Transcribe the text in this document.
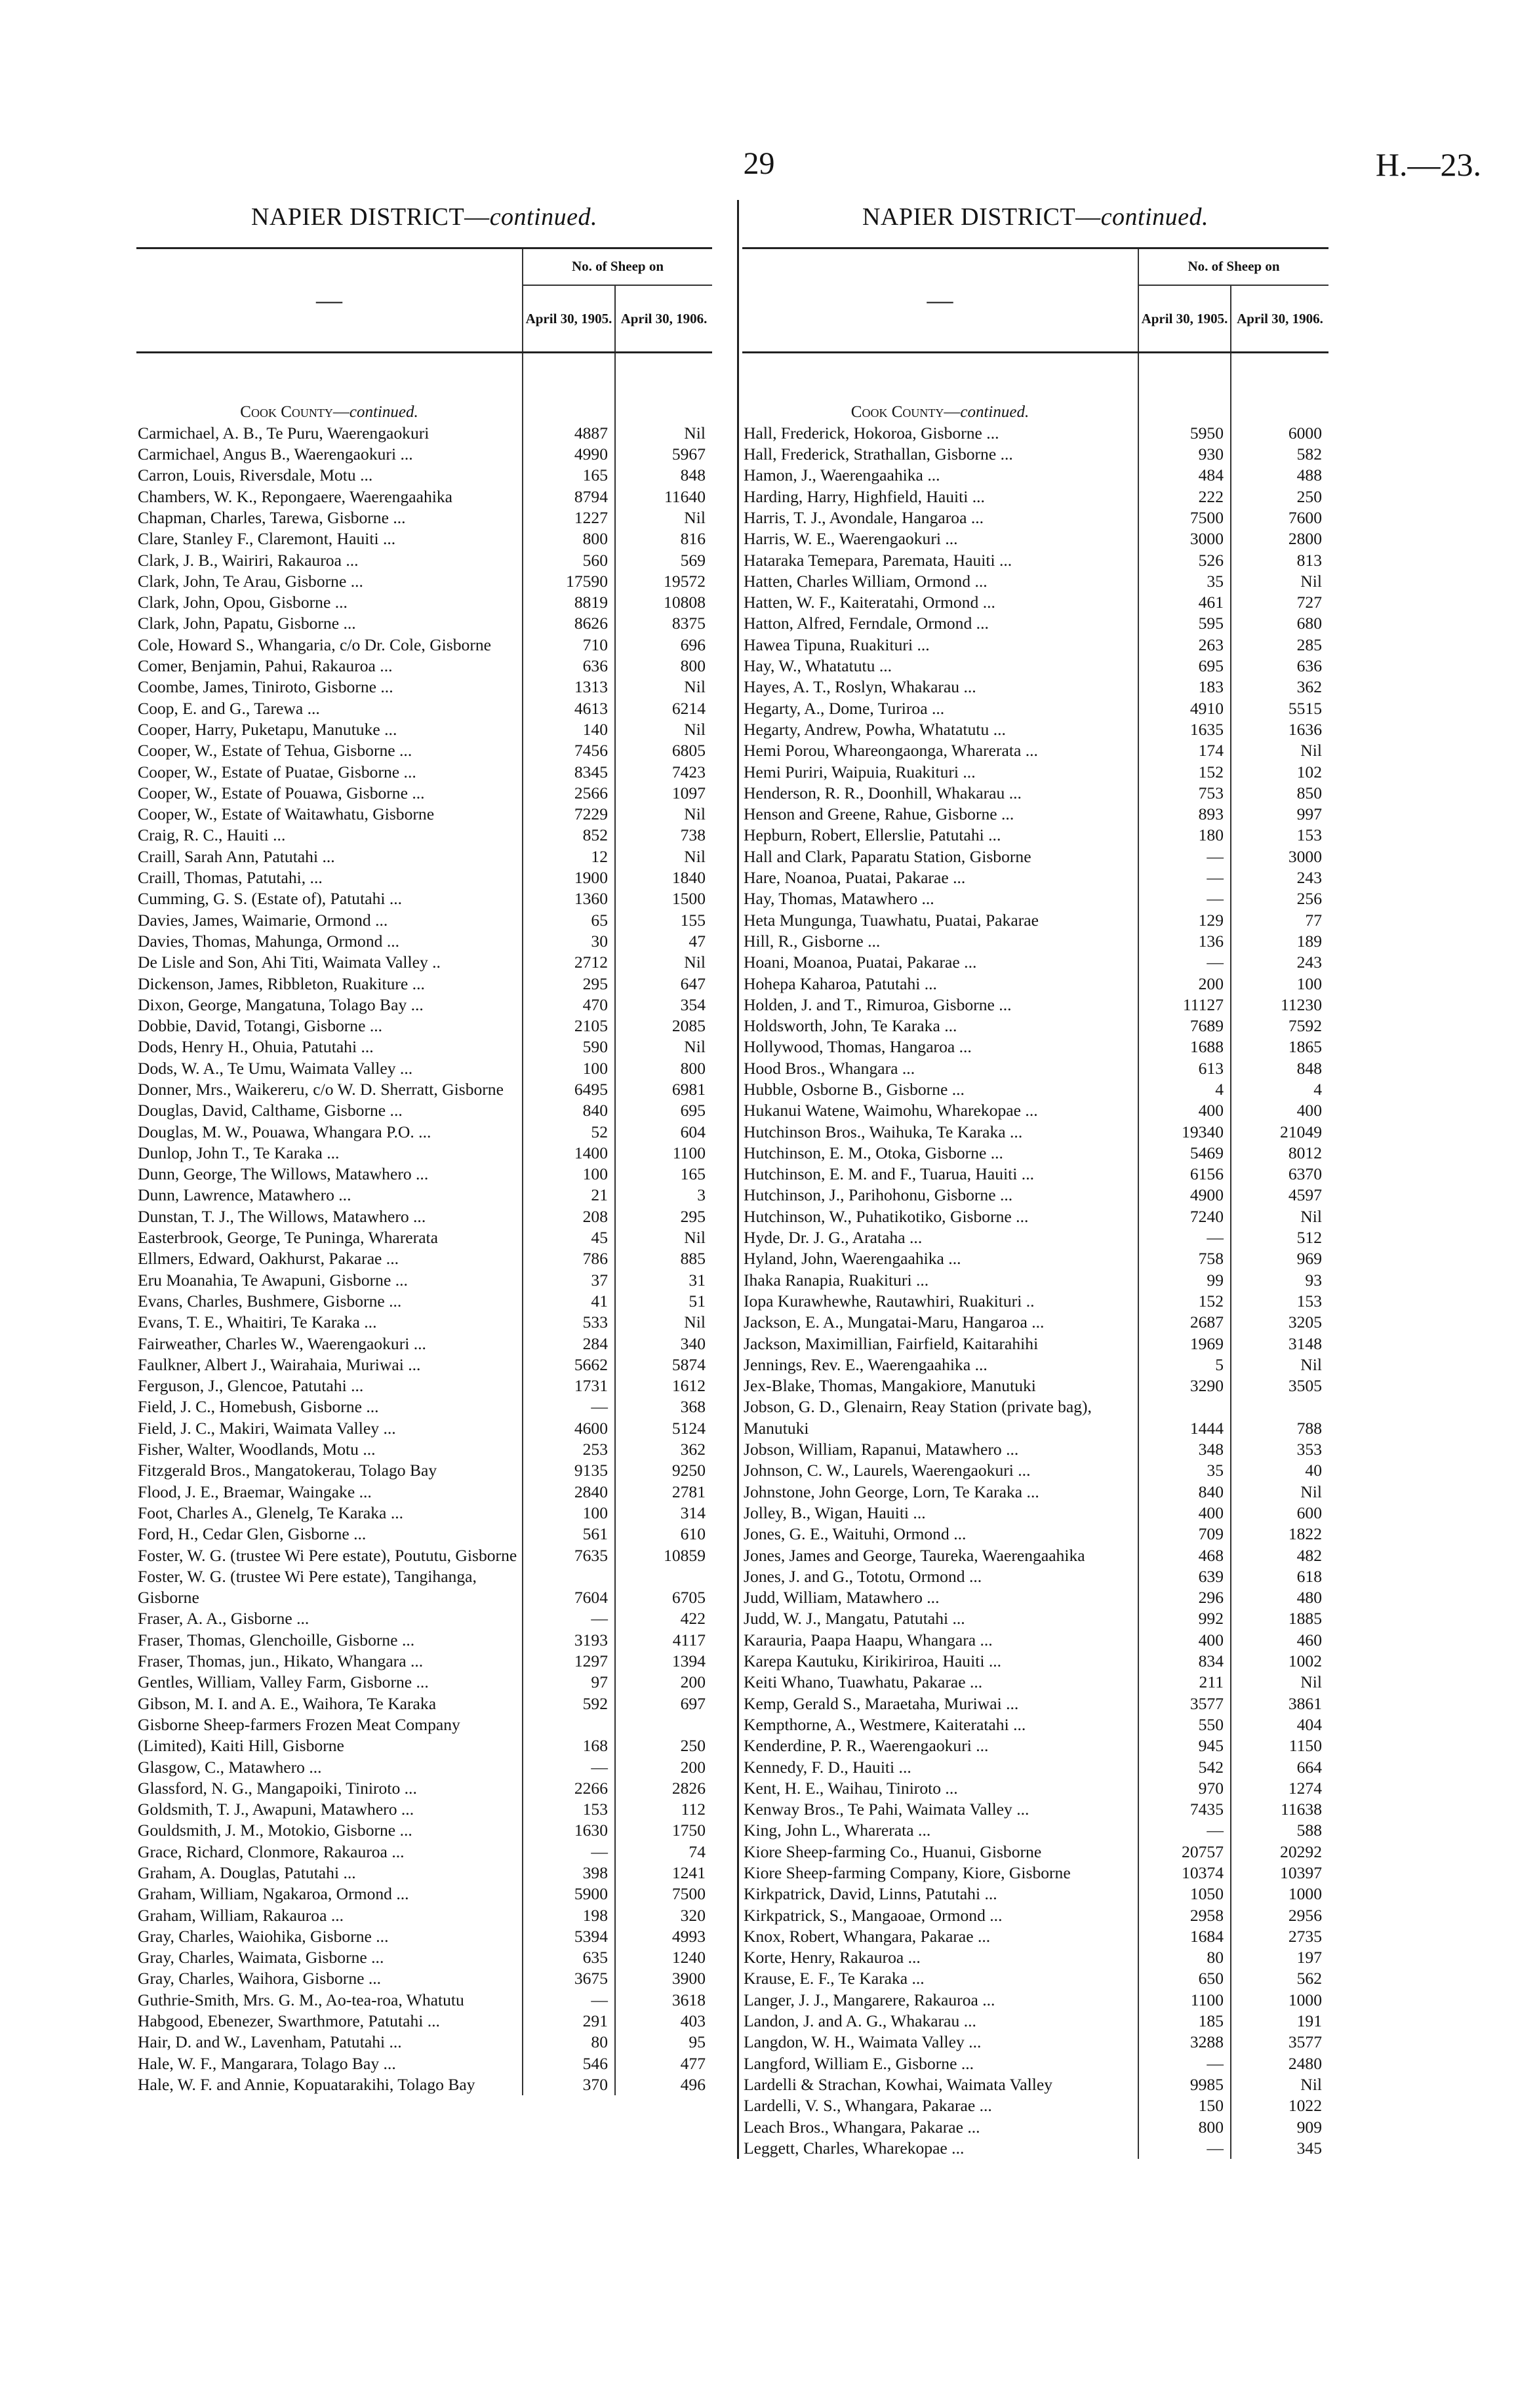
29	H.—23.
NAPIER DISTRICT—continued.
—	No. of Sheep on	
	April 30, 1905.	April 30, 1906.
Cook County—continued.		
Carmichael, A. B., Te Puru, Waerengaokuri	4887	Nil
Carmichael, Angus B., Waerengaokuri ...	4990	5967
Carron, Louis, Riversdale, Motu ...	165	848
Chambers, W. K., Repongaere, Waerengaahika	8794	11640
Chapman, Charles, Tarewa, Gisborne ...	1227	Nil
Clare, Stanley F., Claremont, Hauiti ...	800	816
Clark, J. B., Wairiri, Rakauroa ...	560	569
Clark, John, Te Arau, Gisborne ...	17590	19572
Clark, John, Opou, Gisborne ...	8819	10808
Clark, John, Papatu, Gisborne ...	8626	8375
Cole, Howard S., Whangaria, c/o Dr. Cole, Gisborne	710	696
Comer, Benjamin, Pahui, Rakauroa ...	636	800
Coombe, James, Tiniroto, Gisborne ...	1313	Nil
Coop, E. and G., Tarewa ...	4613	6214
Cooper, Harry, Puketapu, Manutuke ...	140	Nil
Cooper, W., Estate of Tehua, Gisborne ...	7456	6805
Cooper, W., Estate of Puatae, Gisborne ...	8345	7423
Cooper, W., Estate of Pouawa, Gisborne ...	2566	1097
Cooper, W., Estate of Waitawhatu, Gisborne	7229	Nil
Craig, R. C., Hauiti ...	852	738
Craill, Sarah Ann, Patutahi ...	12	Nil
Craill, Thomas, Patutahi, ...	1900	1840
Cumming, G. S. (Estate of), Patutahi ...	1360	1500
Davies, James, Waimarie, Ormond ...	65	155
Davies, Thomas, Mahunga, Ormond ...	30	47
De Lisle and Son, Ahi Titi, Waimata Valley ..	2712	Nil
Dickenson, James, Ribbleton, Ruakiture ...	295	647
Dixon, George, Mangatuna, Tolago Bay ...	470	354
Dobbie, David, Totangi, Gisborne ...	2105	2085
Dods, Henry H., Ohuia, Patutahi ...	590	Nil
Dods, W. A., Te Umu, Waimata Valley ...	100	800
Donner, Mrs., Waikereru, c/o W. D. Sherratt, Gisborne	6495	6981
Douglas, David, Calthame, Gisborne ...	840	695
Douglas, M. W., Pouawa, Whangara P.O. ...	52	604
Dunlop, John T., Te Karaka ...	1400	1100
Dunn, George, The Willows, Matawhero ...	100	165
Dunn, Lawrence, Matawhero ...	21	3
Dunstan, T. J., The Willows, Matawhero ...	208	295
Easterbrook, George, Te Puninga, Wharerata	45	Nil
Ellmers, Edward, Oakhurst, Pakarae ...	786	885
Eru Moanahia, Te Awapuni, Gisborne ...	37	31
Evans, Charles, Bushmere, Gisborne ...	41	51
Evans, T. E., Whaitiri, Te Karaka ...	533	Nil
Fairweather, Charles W., Waerengaokuri ...	284	340
Faulkner, Albert J., Wairahaia, Muriwai ...	5662	5874
Ferguson, J., Glencoe, Patutahi ...	1731	1612
Field, J. C., Homebush, Gisborne ...	—	368
Field, J. C., Makiri, Waimata Valley ...	4600	5124
Fisher, Walter, Woodlands, Motu ...	253	362
Fitzgerald Bros., Mangatokerau, Tolago Bay	9135	9250
Flood, J. E., Braemar, Waingake ...	2840	2781
Foot, Charles A., Glenelg, Te Karaka ...	100	314
Ford, H., Cedar Glen, Gisborne ...	561	610
Foster, W. G. (trustee Wi Pere estate), Poututu, Gisborne	7635	10859
Foster, W. G. (trustee Wi Pere estate), Tangihanga, Gisborne	7604	6705
Fraser, A. A., Gisborne ...	—	422
Fraser, Thomas, Glenchoille, Gisborne ...	3193	4117
Fraser, Thomas, jun., Hikato, Whangara ...	1297	1394
Gentles, William, Valley Farm, Gisborne ...	97	200
Gibson, M. I. and A. E., Waihora, Te Karaka	592	697
Gisborne Sheep-farmers Frozen Meat Company (Limited), Kaiti Hill, Gisborne	168	250
Glasgow, C., Matawhero ...	—	200
Glassford, N. G., Mangapoiki, Tiniroto ...	2266	2826
Goldsmith, T. J., Awapuni, Matawhero ...	153	112
Gouldsmith, J. M., Motokio, Gisborne ...	1630	1750
Grace, Richard, Clonmore, Rakauroa ...	—	74
Graham, A. Douglas, Patutahi ...	398	1241
Graham, William, Ngakaroa, Ormond ...	5900	7500
Graham, William, Rakauroa ...	198	320
Gray, Charles, Waiohika, Gisborne ...	5394	4993
Gray, Charles, Waimata, Gisborne ...	635	1240
Gray, Charles, Waihora, Gisborne ...	3675	3900
Guthrie-Smith, Mrs. G. M., Ao-tea-roa, Whatutu	—	3618
Habgood, Ebenezer, Swarthmore, Patutahi ...	291	403
Hair, D. and W., Lavenham, Patutahi ...	80	95
Hale, W. F., Mangarara, Tolago Bay ...	546	477
Hale, W. F. and Annie, Kopuatarakihi, Tolago Bay	370	496
NAPIER DISTRICT—continued.
—	No. of Sheep on	
	April 30, 1905.	April 30, 1906.
Cook County—continued.		
Hall, Frederick, Hokoroa, Gisborne ...	5950	6000
Hall, Frederick, Strathallan, Gisborne ...	930	582
Hamon, J., Waerengaahika ...	484	488
Harding, Harry, Highfield, Hauiti ...	222	250
Harris, T. J., Avondale, Hangaroa ...	7500	7600
Harris, W. E., Waerengaokuri ...	3000	2800
Hataraka Temepara, Paremata, Hauiti ...	526	813
Hatten, Charles William, Ormond ...	35	Nil
Hatten, W. F., Kaiteratahi, Ormond ...	461	727
Hatton, Alfred, Ferndale, Ormond ...	595	680
Hawea Tipuna, Ruakituri ...	263	285
Hay, W., Whatatutu ...	695	636
Hayes, A. T., Roslyn, Whakarau ...	183	362
Hegarty, A., Dome, Turiroa ...	4910	5515
Hegarty, Andrew, Powha, Whatatutu ...	1635	1636
Hemi Porou, Whareongaonga, Wharerata ...	174	Nil
Hemi Puriri, Waipuia, Ruakituri ...	152	102
Henderson, R. R., Doonhill, Whakarau ...	753	850
Henson and Greene, Rahue, Gisborne ...	893	997
Hepburn, Robert, Ellerslie, Patutahi ...	180	153
Hall and Clark, Paparatu Station, Gisborne	—	3000
Hare, Noanoa, Puatai, Pakarae ...	—	243
Hay, Thomas, Matawhero ...	—	256
Heta Mungunga, Tuawhatu, Puatai, Pakarae	129	77
Hill, R., Gisborne ...	136	189
Hoani, Moanoa, Puatai, Pakarae ...	—	243
Hohepa Kaharoa, Patutahi ...	200	100
Holden, J. and T., Rimuroa, Gisborne ...	11127	11230
Holdsworth, John, Te Karaka ...	7689	7592
Hollywood, Thomas, Hangaroa ...	1688	1865
Hood Bros., Whangara ...	613	848
Hubble, Osborne B., Gisborne ...	4	4
Hukanui Watene, Waimohu, Wharekopae ...	400	400
Hutchinson Bros., Waihuka, Te Karaka ...	19340	21049
Hutchinson, E. M., Otoka, Gisborne ...	5469	8012
Hutchinson, E. M. and F., Tuarua, Hauiti ...	6156	6370
Hutchinson, J., Parihohonu, Gisborne ...	4900	4597
Hutchinson, W., Puhatikotiko, Gisborne ...	7240	Nil
Hyde, Dr. J. G., Arataha ...	—	512
Hyland, John, Waerengaahika ...	758	969
Ihaka Ranapia, Ruakituri ...	99	93
Iopa Kurawhewhe, Rautawhiri, Ruakituri ..	152	153
Jackson, E. A., Mungatai-Maru, Hangaroa ...	2687	3205
Jackson, Maximillian, Fairfield, Kaitarahihi	1969	3148
Jennings, Rev. E., Waerengaahika ...	5	Nil
Jex-Blake, Thomas, Mangakiore, Manutuki	3290	3505
Jobson, G. D., Glenairn, Reay Station (private bag), Manutuki	1444	788
Jobson, William, Rapanui, Matawhero ...	348	353
Johnson, C. W., Laurels, Waerengaokuri ...	35	40
Johnstone, John George, Lorn, Te Karaka ...	840	Nil
Jolley, B., Wigan, Hauiti ...	400	600
Jones, G. E., Waituhi, Ormond ...	709	1822
Jones, James and George, Taureka, Waerengaahika	468	482
Jones, J. and G., Tototu, Ormond ...	639	618
Judd, William, Matawhero ...	296	480
Judd, W. J., Mangatu, Patutahi ...	992	1885
Karauria, Paapa Haapu, Whangara ...	400	460
Karepa Kautuku, Kirikiriroa, Hauiti ...	834	1002
Keiti Whano, Tuawhatu, Pakarae ...	211	Nil
Kemp, Gerald S., Maraetaha, Muriwai ...	3577	3861
Kempthorne, A., Westmere, Kaiteratahi ...	550	404
Kenderdine, P. R., Waerengaokuri ...	945	1150
Kennedy, F. D., Hauiti ...	542	664
Kent, H. E., Waihau, Tiniroto ...	970	1274
Kenway Bros., Te Pahi, Waimata Valley ...	7435	11638
King, John L., Wharerata ...	—	588
Kiore Sheep-farming Co., Huanui, Gisborne	20757	20292
Kiore Sheep-farming Company, Kiore, Gisborne	10374	10397
Kirkpatrick, David, Linns, Patutahi ...	1050	1000
Kirkpatrick, S., Mangaoae, Ormond ...	2958	2956
Knox, Robert, Whangara, Pakarae ...	1684	2735
Korte, Henry, Rakauroa ...	80	197
Krause, E. F., Te Karaka ...	650	562
Langer, J. J., Mangarere, Rakauroa ...	1100	1000
Landon, J. and A. G., Whakarau ...	185	191
Langdon, W. H., Waimata Valley ...	3288	3577
Langford, William E., Gisborne ...	—	2480
Lardelli & Strachan, Kowhai, Waimata Valley	9985	Nil
Lardelli, V. S., Whangara, Pakarae ...	150	1022
Leach Bros., Whangara, Pakarae ...	800	909
Leggett, Charles, Wharekopae ...	—	345
